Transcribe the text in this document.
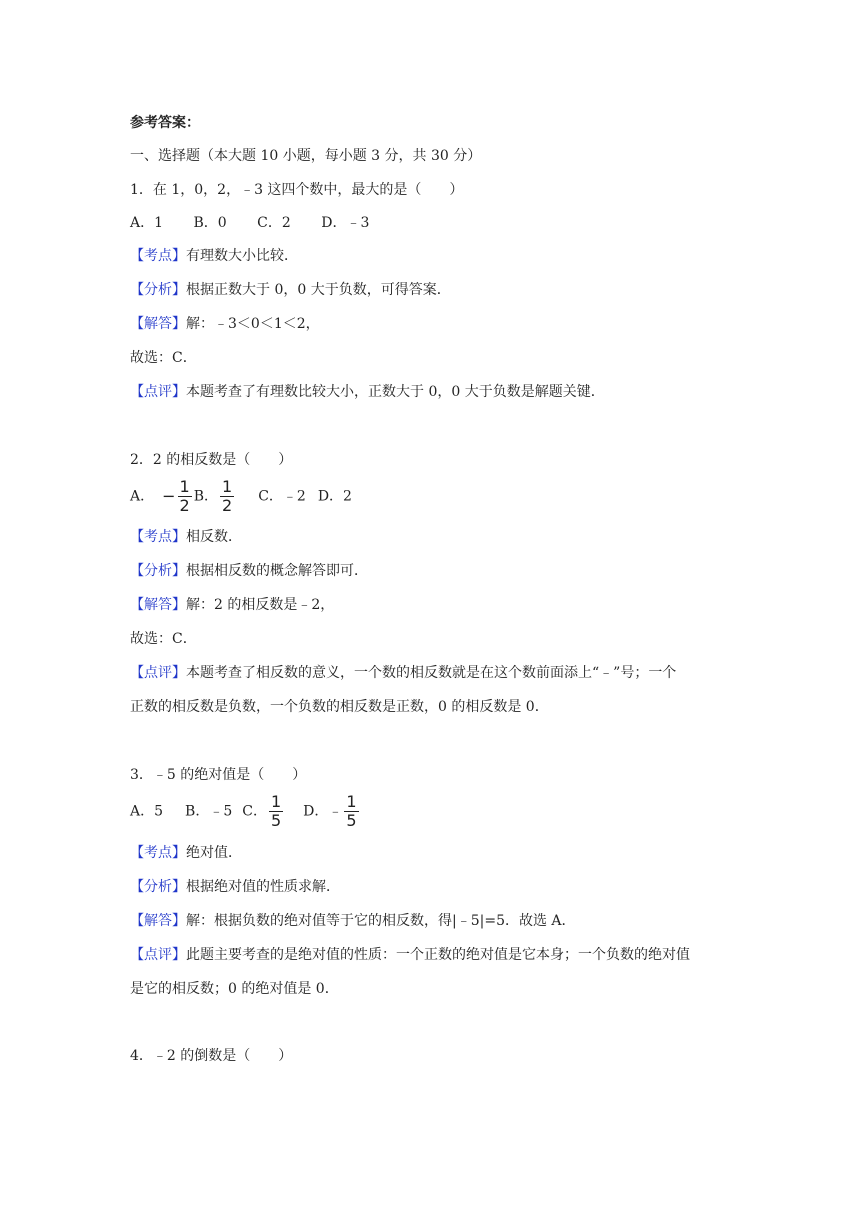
参考答案：
一、选择题（本大题 10 小题，每小题 3 分，共 30 分）
1．在 1，0，2，﹣3 这四个数中，最大的是（　　）
A．1 B．0 C．2 D．﹣3
【考点】有理数大小比较．
【分析】根据正数大于 0，0 大于负数，可得答案．
【解答】解：﹣3＜0＜1＜2，
故选：C．
【点评】本题考查了有理数比较大小，正数大于 0，0 大于负数是解题关键．
2．2 的相反数是（　　）
A． − $\frac{1}{2}$ B． $\frac{1}{2}$ C．﹣2 D．2
【考点】相反数．
【分析】根据相反数的概念解答即可．
【解答】解：2 的相反数是﹣2，
故选：C．
【点评】本题考查了相反数的意义，一个数的相反数就是在这个数前面添上“﹣”号；一个
正数的相反数是负数，一个负数的相反数是正数，0 的相反数是 0．
3．﹣5 的绝对值是（　　）
A．5 B．﹣5 C． $\frac{1}{5}$ D．﹣ $\frac{1}{5}$
【考点】绝对值．
【分析】根据绝对值的性质求解．
【解答】解：根据负数的绝对值等于它的相反数，得|﹣5|=5．故选 A．
【点评】此题主要考查的是绝对值的性质：一个正数的绝对值是它本身；一个负数的绝对值
是它的相反数；0 的绝对值是 0．
4．﹣2 的倒数是（　　）
